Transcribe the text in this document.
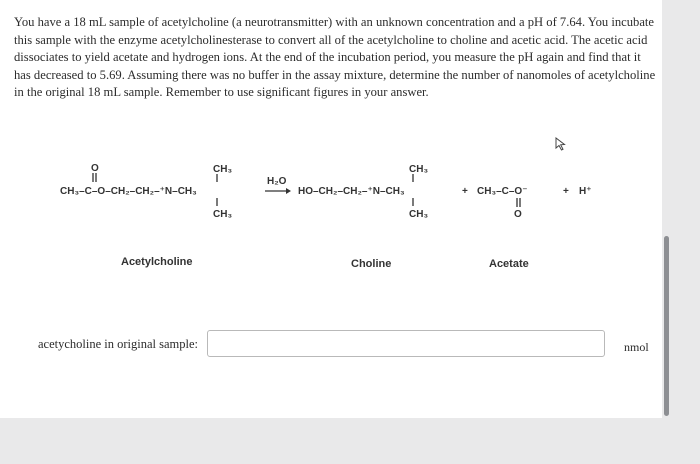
You have a 18 mL sample of acetylcholine (a neurotransmitter) with an unknown concentration and a pH of 7.64. You incubate this sample with the enzyme acetylcholinesterase to convert all of the acetylcholine to choline and acetic acid. The acetic acid dissociates to yield acetate and hydrogen ions. At the end of the incubation period, you measure the pH again and find that it has decreased to 5.69. Assuming there was no buffer in the assay mixture, determine the number of nanomoles of acetylcholine in the original 18 mL sample. Remember to use significant figures in your answer.

O	CH₃
CH₃–C–O–CH₂–CH₂–⁺N–CH₃
CH₃
H₂O
CH₃
HO–CH₂–CH₂–⁺N–CH₃
CH₃
+ CH₃–C–O⁻
O
+ H⁺
Acetylcholine	Choline	Acetate
acetycholine in original sample:	nmol
